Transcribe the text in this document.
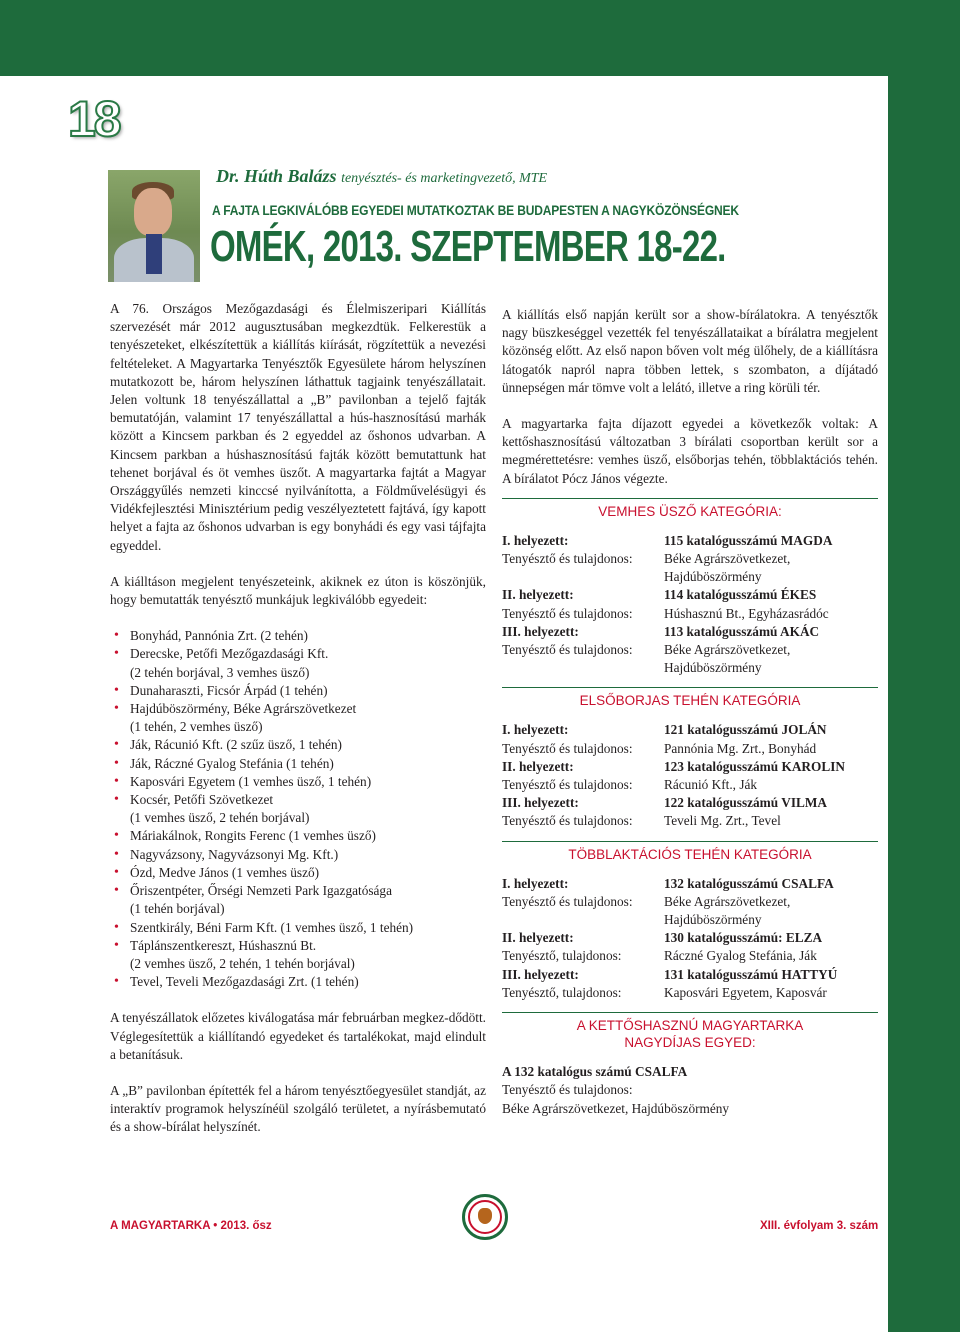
18
Dr. Húth Balázs tenyésztés- és marketingvezető, MTE
A FAJTA LEGKIVÁLÓBB EGYEDEI MUTATKOZTAK BE BUDAPESTEN A NAGYKÖZÖNSÉGNEK
OMÉK, 2013. SZEPTEMBER 18-22.

A 76. Országos Mezőgazdasági és Élelmiszeripari Kiállítás szervezését már 2012 augusztusában megkezdtük. Felkerestük a tenyészeteket, elkészítettük a kiállítás kiírását, rögzítettük a nevezési feltételeket. A Magyartarka Tenyésztők Egyesülete három helyszínen mutatkozott be, három helyszínen láthattuk tagjaink tenyészállatait. Jelen voltunk 18 tenyészállattal a „B” pavilonban a tejelő fajták bemutatóján, valamint 17 tenyészállattal a hús-hasznosítású marhák között a Kincsem parkban és 2 egyeddel az őshonos udvarban. A Kincsem parkban a húshasznosítású fajták között bemutattunk hat tehenet borjával és öt vemhes üszőt. A magyartarka fajtát a Magyar Országgyűlés nemzeti kinccsé nyilvánította, a Földművelésügyi és Vidékfejlesztési Minisztérium pedig veszélyeztetett fajtává, így kapott helyet a fajta az őshonos udvarban is egy bonyhádi és egy vasi tájfajta egyeddel.

A kiálltáson megjelent tenyészeteink, akiknek ez úton is köszönjük, hogy bemutatták tenyésztő munkájuk legkiválóbb egyedeit:

• Bonyhád, Pannónia Zrt. (2 tehén)
• Derecske, Petőfi Mezőgazdasági Kft.
(2 tehén borjával, 3 vemhes üsző)
• Dunaharaszti, Ficsór Árpád (1 tehén)
• Hajdúböszörmény, Béke Agrárszövetkezet
(1 tehén, 2 vemhes üsző)
• Ják, Rácunió Kft. (2 szűz üsző, 1 tehén)
• Ják, Ráczné Gyalog Stefánia (1 tehén)
• Kaposvári Egyetem (1 vemhes üsző, 1 tehén)
• Kocsér, Petőfi Szövetkezet
(1 vemhes üsző, 2 tehén borjával)
• Máriakálnok, Rongits Ferenc (1 vemhes üsző)
• Nagyvázsony, Nagyvázsonyi Mg. Kft.)
• Ózd, Medve János (1 vemhes üsző)
• Őriszentpéter, Őrségi Nemzeti Park Igazgatósága
(1 tehén borjával)
• Szentkirály, Béni Farm Kft. (1 vemhes üsző, 1 tehén)
• Táplánszentkereszt, Húshasznú Bt.
(2 vemhes üsző, 2 tehén, 1 tehén borjával)
• Tevel, Teveli Mezőgazdasági Zrt. (1 tehén)

A tenyészállatok előzetes kiválogatása már februárban megkez-dődött. Véglegesítettük a kiállítandó egyedeket és tartalékokat, majd elindult a betanításuk.

A „B” pavilonban építették fel a három tenyésztőegyesület standját, az interaktív programok helyszínéül szolgáló területet, a nyírásbemutató és a show-bírálat helyszínét.

A kiállítás első napján került sor a show-bírálatokra. A tenyésztők nagy büszkeséggel vezették fel tenyészállataikat a bírálatra megjelent közönség előtt. Az első napon bőven volt még ülőhely, de a kiállításra látogatók napról napra többen lettek, s szombaton, a díjátadó ünnepségen már tömve volt a lelátó, illetve a ring körüli tér.

A magyartarka fajta díjazott egyedei a következők voltak: A kettőshasznosítású változatban 3 bírálati csoportban került sor a megmérettetésre: vemhes üsző, elsőborjas tehén, többlaktációs tehén. A bírálatot Pócz János végezte.

VEMHES ÜSZŐ KATEGÓRIA:
I. helyezett:	115 katalógusszámú MAGDA
Tenyésztő és tulajdonos:	Béke Agrárszövetkezet,
	Hajdúböszörmény
II. helyezett:	114 katalógusszámú ÉKES
Tenyésztő és tulajdonos:	Húshasznú Bt., Egyházasrádóc
III. helyezett:	113 katalógusszámú AKÁC
Tenyésztő és tulajdonos:	Béke Agrárszövetkezet,
	Hajdúböszörmény
ELSŐBORJAS TEHÉN KATEGÓRIA
I. helyezett:	121 katalógusszámú JOLÁN
Tenyésztő és tulajdonos:	Pannónia Mg. Zrt., Bonyhád
II. helyezett:	123 katalógusszámú KAROLIN
Tenyésztő és tulajdonos:	Rácunió Kft., Ják
III. helyezett:	122 katalógusszámú VILMA
Tenyésztő és tulajdonos:	Teveli Mg. Zrt., Tevel
TÖBBLAKTÁCIÓS TEHÉN KATEGÓRIA
I. helyezett:	132 katalógusszámú CSALFA
Tenyésztő és tulajdonos:	Béke Agrárszövetkezet,
	Hajdúböszörmény
II. helyezett:	130 katalógusszámú: ELZA
Tenyésztő, tulajdonos:	Ráczné Gyalog Stefánia, Ják
III. helyezett:	131 katalógusszámú HATTYÚ
Tenyésztő, tulajdonos:	Kaposvári Egyetem, Kaposvár
A KETTŐSHASZNÚ MAGYARTARKA
NAGYDÍJAS EGYED:
A 132 katalógus számú CSALFA
Tenyésztő és tulajdonos:
Béke Agrárszövetkezet, Hajdúböszörmény
A MAGYARTARKA • 2013. ősz	XIII. évfolyam 3. szám
